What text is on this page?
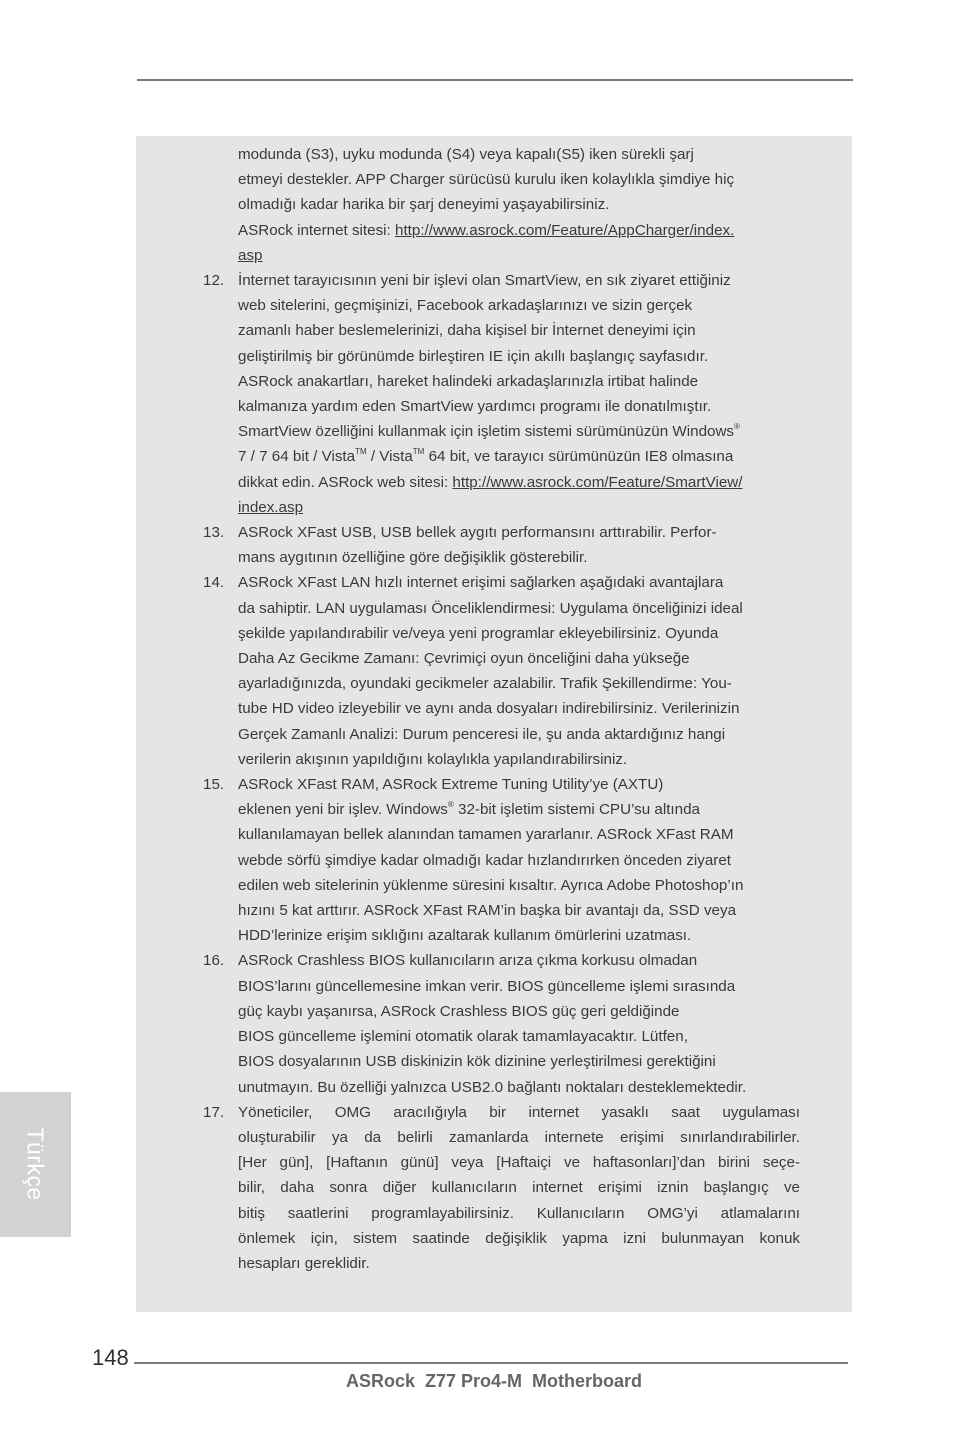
modunda (S3), uyku modunda (S4) veya kapalı(S5) iken sürekli şarj

etmeyi destekler. APP Charger sürücüsü kurulu iken kolaylıkla şimdiye hiç

olmadığı kadar harika bir şarj deneyimi yaşayabilirsiniz.

ASRock internet sitesi: http://www.asrock.com/Feature/AppCharger/index.

asp

12. İnternet tarayıcısının yeni bir işlevi olan SmartView, en sık ziyaret ettiğiniz

web sitelerini, geçmişinizi, Facebook arkadaşlarınızı ve sizin gerçek

zamanlı haber beslemelerinizi, daha kişisel bir İnternet deneyimi için

geliştirilmiş bir görünümde birleştiren IE için akıllı başlangıç sayfasıdır.

ASRock anakartları, hareket halindeki arkadaşlarınızla irtibat halinde

kalmanıza yardım eden SmartView yardımcı programı ile donatılmıştır.

SmartView özelliğini kullanmak için işletim sistemi sürümünüzün Windows®

7 / 7 64 bit / Vista™ / Vista™ 64 bit, ve tarayıcı sürümünüzün IE8 olmasına

dikkat edin. ASRock web sitesi: http://www.asrock.com/Feature/SmartView/

index.asp

13. ASRock XFast USB, USB bellek aygıtı performansını arttırabilir. Perfor-

mans aygıtının özelliğine göre değişiklik gösterebilir.

14. ASRock XFast LAN hızlı internet erişimi sağlarken aşağıdaki avantajlara

da sahiptir. LAN uygulaması Önceliklendirmesi: Uygulama önceliğinizi ideal

şekilde yapılandırabilir ve/veya yeni programlar ekleyebilirsiniz. Oyunda

Daha Az Gecikme Zamanı: Çevrimiçi oyun önceliğini daha yükseğe

ayarladığınızda, oyundaki gecikmeler azalabilir. Trafik Şekillendirme: You-

tube HD video izleyebilir ve aynı anda dosyaları indirebilirsiniz. Verilerinizin

Gerçek Zamanlı Analizi: Durum penceresi ile, şu anda aktardığınız hangi

verilerin akışının yapıldığını kolaylıkla yapılandırabilirsiniz.

15. ASRock XFast RAM, ASRock Extreme Tuning Utility’ye (AXTU)

eklenen yeni bir işlev. Windows® 32-bit işletim sistemi CPU’su altında

kullanılamayan bellek alanından tamamen yararlanır. ASRock XFast RAM

webde sörfü şimdiye kadar olmadığı kadar hızlandırırken önceden ziyaret

edilen web sitelerinin yüklenme süresini kısaltır. Ayrıca Adobe Photoshop’ın

hızını 5 kat arttırır. ASRock XFast RAM’in başka bir avantajı da, SSD veya

HDD’lerinize erişim sıklığını azaltarak kullanım ömürlerini uzatması.

16. ASRock Crashless BIOS kullanıcıların arıza çıkma korkusu olmadan

BIOS’larını güncellemesine imkan verir. BIOS güncelleme işlemi sırasında

güç kaybı yaşanırsa, ASRock Crashless BIOS güç geri geldiğinde

BIOS güncelleme işlemini otomatik olarak tamamlayacaktır. Lütfen,

BIOS dosyalarının USB diskinizin kök dizinine yerleştirilmesi gerektiğini

unutmayın. Bu özelliği yalnızca USB2.0 bağlantı noktaları desteklemektedir.

17. Yöneticiler, OMG aracılığıyla bir internet yasaklı saat uygulaması

oluşturabilir ya da belirli zamanlarda internete erişimi sınırlandırabilirler.

[Her gün], [Haftanın günü] veya [Haftaiçi ve haftasonları]’dan birini seçe-

bilir, daha sonra diğer kullanıcıların internet erişimi iznin başlangıç ve

bitiş saatlerini programlayabilirsiniz. Kullanıcıların OMG’yi atlamalarını

önlemek için, sistem saatinde değişiklik yapma izni bulunmayan konuk

hesapları gereklidir.

Türkçe
148
ASRock  Z77 Pro4-M  Motherboard
